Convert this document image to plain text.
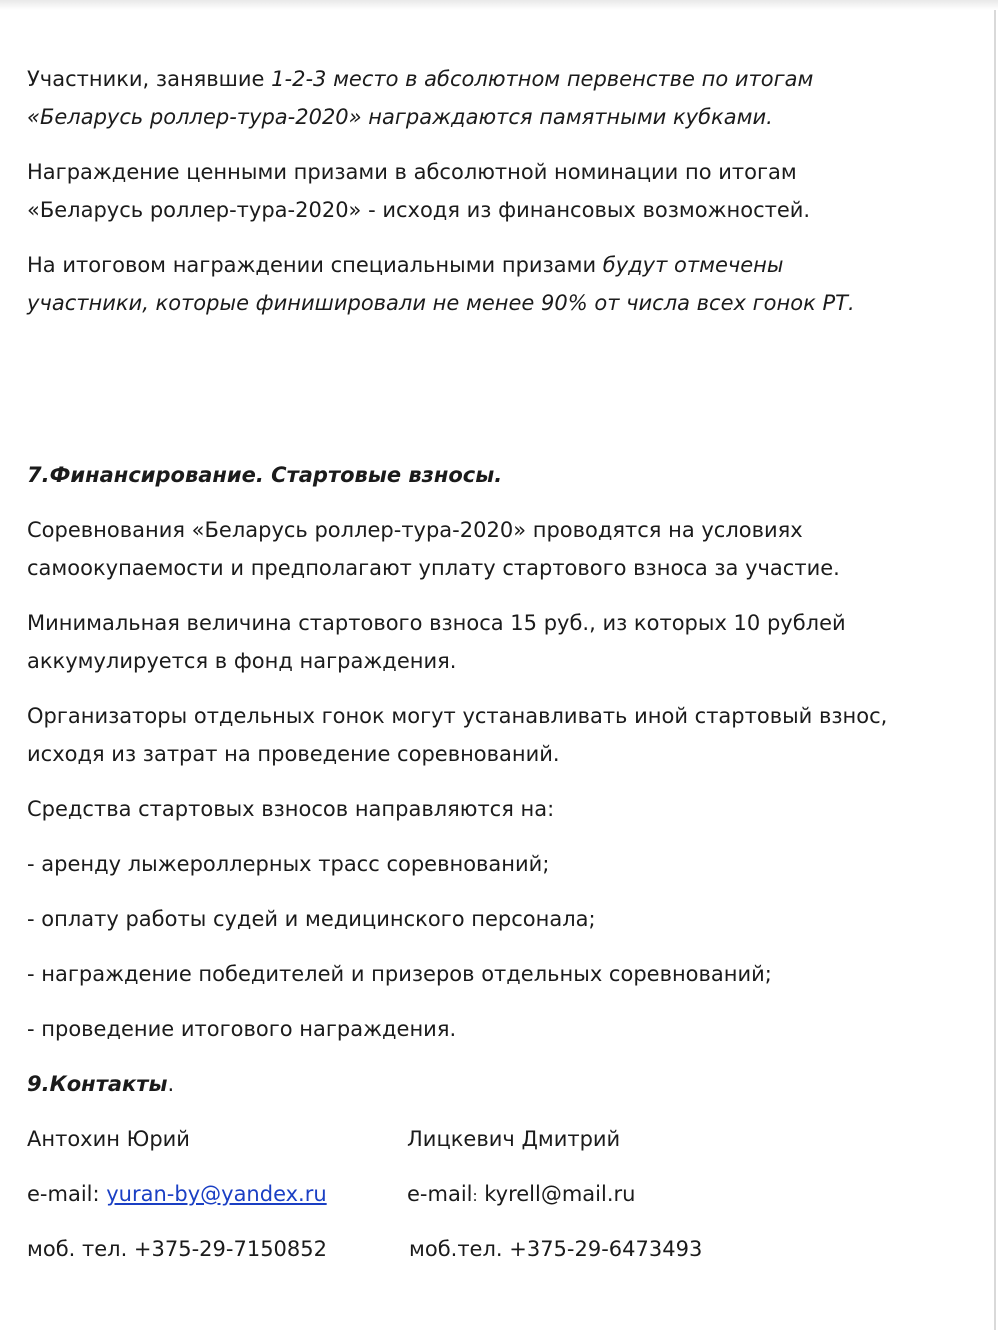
Участники, занявшие 1-2-3 место в абсолютном первенстве по итогам
«Беларусь роллер-тура-2020» награждаются памятными кубками.
Награждение ценными призами в абсолютной номинации по итогам
«Беларусь роллер-тура-2020» - исходя из финансовых возможностей.
На итоговом награждении специальными призами будут отмечены
участники, которые финишировали не менее 90% от числа всех гонок РТ.
7.Финансирование. Стартовые взносы.
Соревнования «Беларусь роллер-тура-2020» проводятся на условиях
самоокупаемости и предполагают уплату стартового взноса за участие.
Минимальная величина стартового взноса 15 руб., из которых 10 рублей
аккумулируется в фонд награждения.
Организаторы отдельных гонок могут устанавливать иной стартовый взнос,
исходя из затрат на проведение соревнований.
Средства стартовых взносов направляются на:
- аренду лыжероллерных трасс соревнований;
- оплату работы судей и медицинского персонала;
- награждение победителей и призеров отдельных соревнований;
- проведение итогового награждения.
9.Контакты.
Антохин Юрий	Лицкевич Дмитрий
e-mail: yuran-by@yandex.ru	e-mail: kyrell@mail.ru
моб. тел. +375-29-7150852	моб.тел. +375-29-6473493
